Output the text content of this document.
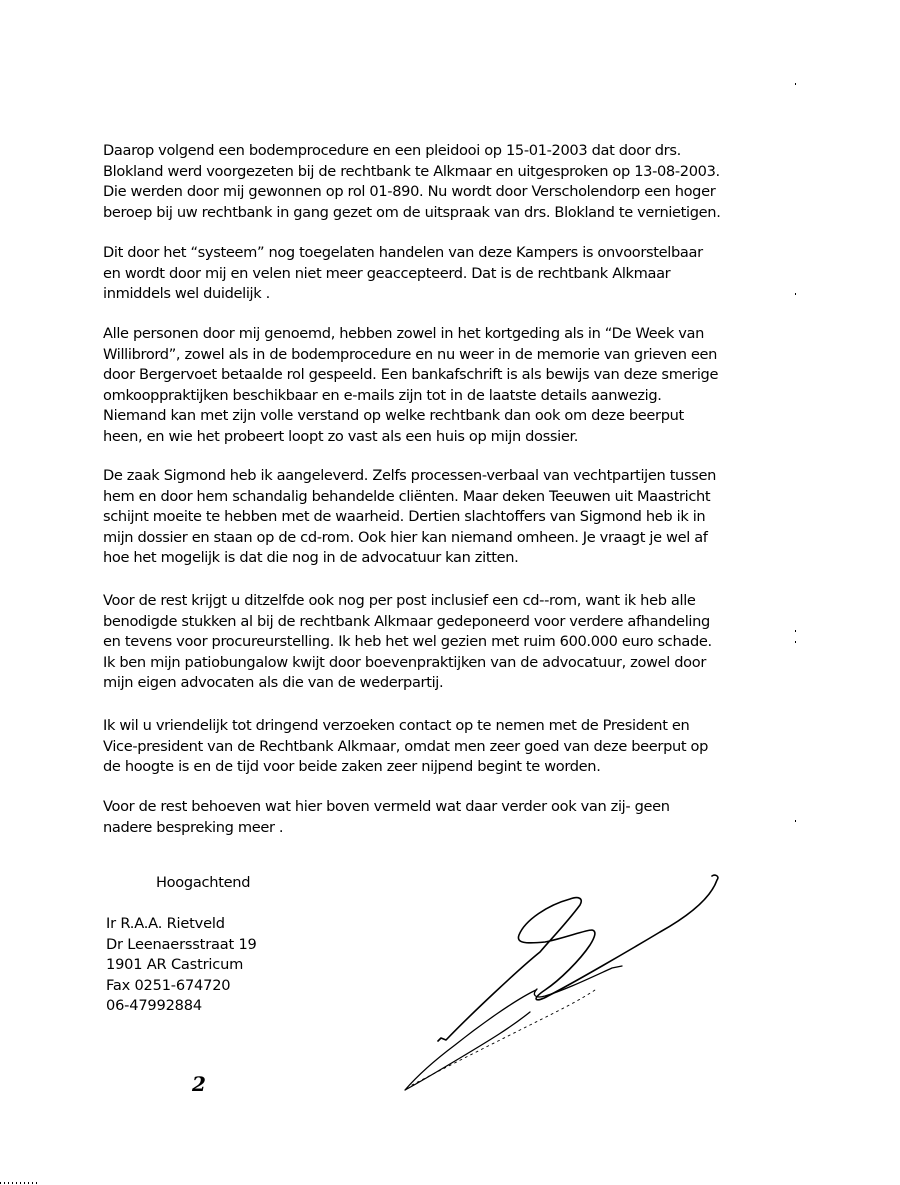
Daarop volgend een bodemprocedure en een pleidooi op 15-01-2003 dat door drs.
Blokland werd voorgezeten bij de rechtbank te Alkmaar en uitgesproken op 13-08-2003.
Die werden door mij gewonnen op rol 01-890. Nu wordt door Verscholendorp een hoger
beroep bij uw rechtbank in gang gezet om de uitspraak van drs. Blokland te vernietigen.
Dit door het “systeem” nog toegelaten handelen van deze Kampers is onvoorstelbaar
en wordt door mij en velen niet meer geaccepteerd. Dat is de rechtbank Alkmaar
inmiddels wel duidelijk .
Alle personen door mij genoemd, hebben zowel in het kortgeding als in “De Week van
Willibrord”, zowel als in de bodemprocedure en nu weer in de memorie van grieven een
door Bergervoet betaalde rol gespeeld. Een bankafschrift is als bewijs van deze smerige
omkooppraktijken beschikbaar en e-mails zijn tot in de laatste details aanwezig.
Niemand kan met zijn volle verstand op welke rechtbank dan ook om deze beerput
heen, en wie het probeert loopt zo vast als een huis op mijn dossier.
De zaak Sigmond heb ik aangeleverd. Zelfs processen-verbaal van vechtpartijen tussen
hem en door hem schandalig behandelde cliënten. Maar deken Teeuwen uit Maastricht
schijnt moeite te hebben met de waarheid. Dertien slachtoffers van Sigmond heb ik in
mijn dossier en staan op de cd-rom. Ook hier kan niemand omheen. Je vraagt je wel af
hoe het mogelijk is dat die nog in de advocatuur kan zitten.
Voor de rest krijgt u ditzelfde ook nog per post inclusief een cd--rom, want ik heb alle
benodigde stukken al bij de rechtbank Alkmaar gedeponeerd voor verdere afhandeling
en tevens voor procureurstelling. Ik heb het wel gezien met ruim 600.000 euro schade.
Ik ben mijn patiobungalow kwijt door boevenpraktijken van de advocatuur, zowel door
mijn eigen advocaten als die van de wederpartij.
Ik wil u vriendelijk tot dringend verzoeken contact op te nemen met de President en
Vice-president van de Rechtbank Alkmaar, omdat men zeer goed van deze beerput op
de hoogte is en de tijd voor beide zaken zeer nijpend begint te worden.
Voor de rest behoeven wat hier boven vermeld wat daar verder ook van zij- geen
nadere bespreking meer .
Hoogachtend
Ir R.A.A. Rietveld
Dr Leenaersstraat 19
1901 AR Castricum
Fax 0251-674720
06-47992884
2
